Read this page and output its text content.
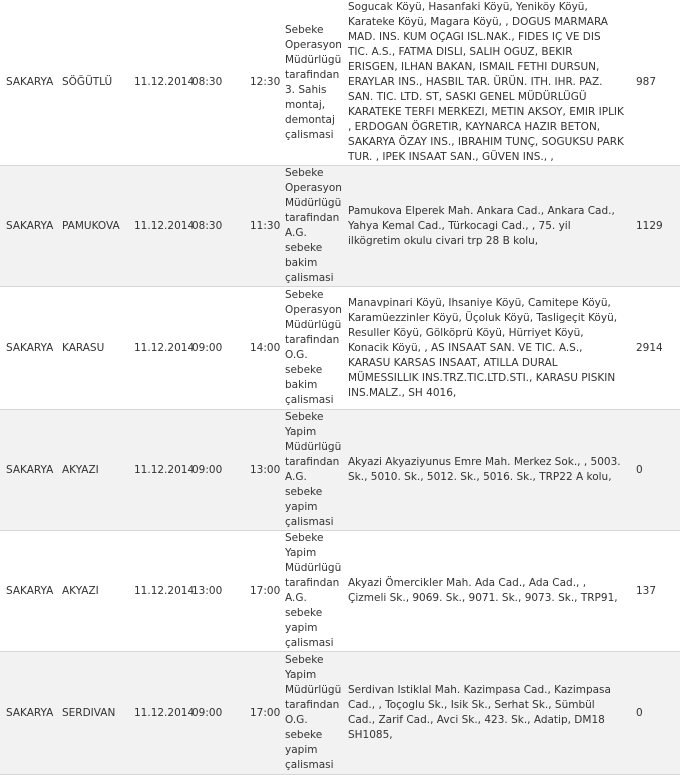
SAKARYA	SÖĞÜTLÜ	11.12.2014	08:30	12:30	Sebeke Operasyon Müdürlügü tarafindan 3. Sahis montaj, demontaj çalismasi	Sogucak Köyü, Hasanfaki Köyü, Yeniköy Köyü, Karateke Köyü, Magara Köyü, , DOGUS MARMARA MAD. INS. KUM OÇAGI ISL.NAK., FIDES IÇ VE DIS TIC. A.S., FATMA DISLI, SALIH OGUZ, BEKIR ERISGEN, ILHAN BAKAN, ISMAIL FETHI DURSUN, ERAYLAR INS., HASBIL TAR. ÜRÜN. ITH. IHR. PAZ. SAN. TIC. LTD. ST, SASKI GENEL MÜDÜRLÜGÜ KARATEKE TERFI MERKEZI, METIN AKSOY, EMIR IPLIK , ERDOGAN ÖGRETIR, KAYNARCA HAZIR BETON, SAKARYA ÖZAY INS., IBRAHIM TUNÇ, SOGUKSU PARK TUR. , IPEK INSAAT SAN., GÜVEN INS., ,	987
SAKARYA	PAMUKOVA	11.12.2014	08:30	11:30	Sebeke Operasyon Müdürlügü tarafindan A.G. sebeke bakim çalismasi	Pamukova Elperek Mah. Ankara Cad., Ankara Cad., Yahya Kemal Cad., Türkocagi Cad., , 75. yil ilkögretim okulu civari trp 28 B kolu,	1129
SAKARYA	KARASU	11.12.2014	09:00	14:00	Sebeke Operasyon Müdürlügü tarafindan O.G. sebeke bakim çalismasi	Manavpinari Köyü, Ihsaniye Köyü, Camitepe Köyü, Karamüezzinler Köyü, Üçoluk Köyü, Tasligeçit Köyü, Resuller Köyü, Gölköprü Köyü, Hürriyet Köyü, Konacik Köyü, , AS INSAAT SAN. VE TIC. A.S., KARASU KARSAS INSAAT, ATILLA DURAL MÜMESSILLIK INS.TRZ.TIC.LTD.STI., KARASU PISKIN INS.MALZ., SH 4016,	2914
SAKARYA	AKYAZI	11.12.2014	09:00	13:00	Sebeke Yapim Müdürlügü tarafindan A.G. sebeke yapim çalismasi	Akyazi Akyaziyunus Emre Mah. Merkez Sok., , 5003. Sk., 5010. Sk., 5012. Sk., 5016. Sk., TRP22 A kolu,	0
SAKARYA	AKYAZI	11.12.2014	13:00	17:00	Sebeke Yapim Müdürlügü tarafindan A.G. sebeke yapim çalismasi	Akyazi Ömercikler Mah. Ada Cad., Ada Cad., , Çizmeli Sk., 9069. Sk., 9071. Sk., 9073. Sk., TRP91,	137
SAKARYA	SERDIVAN	11.12.2014	09:00	17:00	Sebeke Yapim Müdürlügü tarafindan O.G. sebeke yapim çalismasi	Serdivan Istiklal Mah. Kazimpasa Cad., Kazimpasa Cad., , Toçoglu Sk., Isik Sk., Serhat Sk., Sümbül Cad., Zarif Cad., Avci Sk., 423. Sk., Adatip, DM18 SH1085,	0
